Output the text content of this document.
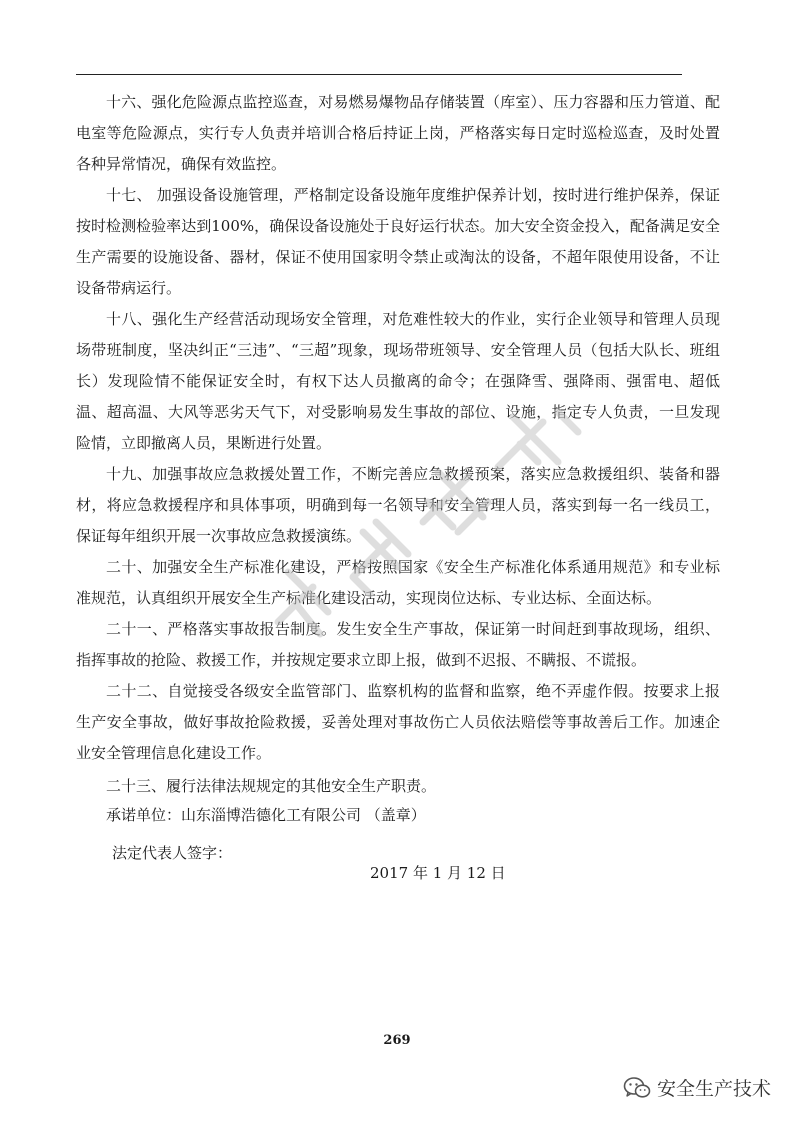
十六、强化危险源点监控巡查，对易燃易爆物品存储装置（库室）、压力容器和压力管道、配电室等危险源点，实行专人负责并培训合格后持证上岗，严格落实每日定时巡检巡查，及时处置各种异常情况，确保有效监控。

十七、 加强设备设施管理，严格制定设备设施年度维护保养计划，按时进行维护保养，保证按时检测检验率达到100%，确保设备设施处于良好运行状态。加大安全资金投入，配备满足安全生产需要的设施设备、器材，保证不使用国家明令禁止或淘汰的设备，不超年限使用设备，不让设备带病运行。

十八、强化生产经营活动现场安全管理，对危难性较大的作业，实行企业领导和管理人员现场带班制度，坚决纠正“三违”、“三超”现象，现场带班领导、安全管理人员（包括大队长、班组长）发现险情不能保证安全时，有权下达人员撤离的命令；在强降雪、强降雨、强雷电、超低温、超高温、大风等恶劣天气下，对受影响易发生事故的部位、设施，指定专人负责，一旦发现险情，立即撤离人员，果断进行处置。

十九、加强事故应急救援处置工作，不断完善应急救援预案，落实应急救援组织、装备和器材，将应急救援程序和具体事项，明确到每一名领导和安全管理人员，落实到每一名一线员工，保证每年组织开展一次事故应急救援演练。

二十、加强安全生产标准化建设，严格按照国家《安全生产标准化体系通用规范》和专业标准规范，认真组织开展安全生产标准化建设活动，实现岗位达标、专业达标、全面达标。

二十一、严格落实事故报告制度。发生安全生产事故，保证第一时间赶到事故现场，组织、指挥事故的抢险、救援工作，并按规定要求立即上报，做到不迟报、不瞒报、不谎报。

二十二、自觉接受各级安全监管部门、监察机构的监督和监察，绝不弄虚作假。按要求上报生产安全事故，做好事故抢险救援，妥善处理对事故伤亡人员依法赔偿等事故善后工作。加速企业安全管理信息化建设工作。

二十三、履行法律法规规定的其他安全生产职责。

承诺单位：山东淄博浩德化工有限公司 （盖章）

法定代表人签字：
2017 年 1 月 12 日
269
安全生产技术
